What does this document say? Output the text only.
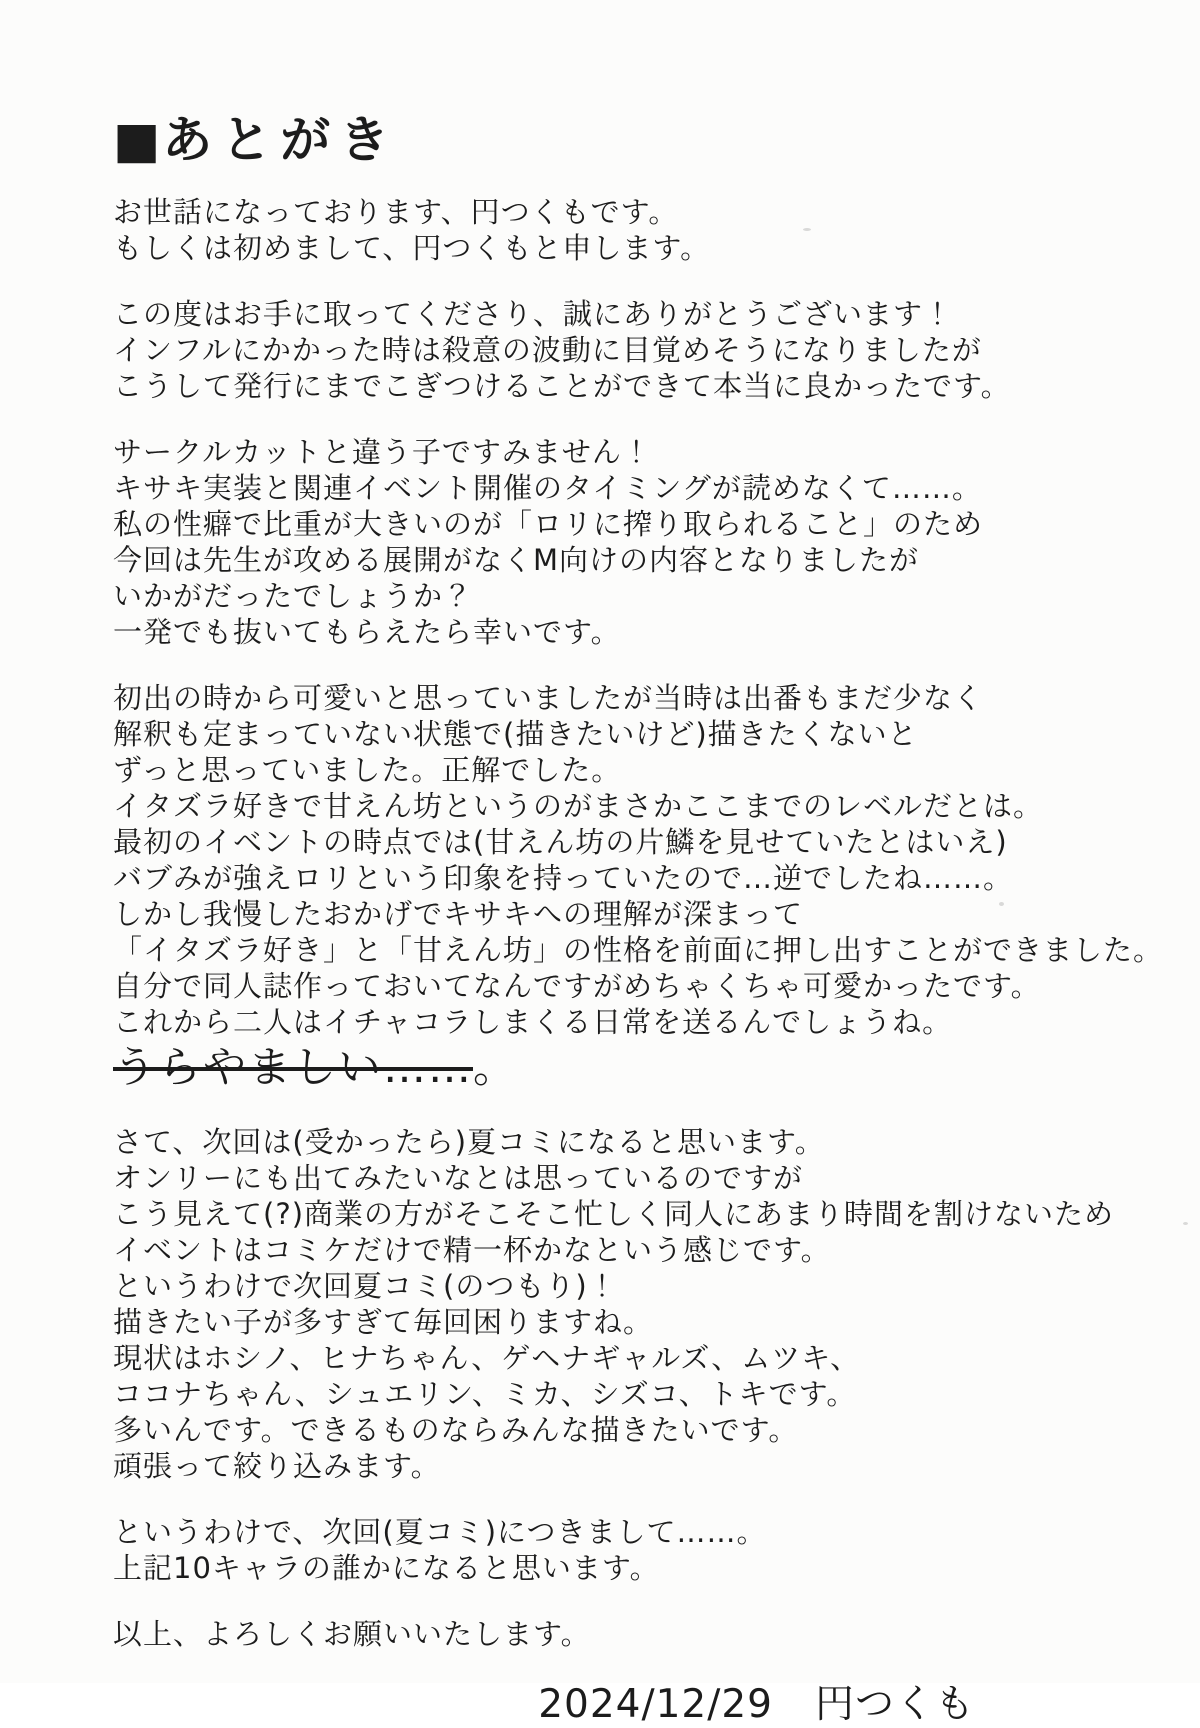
■あとがき
お世話になっております、円つくもです。
もしくは初めまして、円つくもと申します。
この度はお手に取ってくださり、誠にありがとうございます！
インフルにかかった時は殺意の波動に目覚めそうになりましたが
こうして発行にまでこぎつけることができて本当に良かったです。
サークルカットと違う子ですみません！
キサキ実装と関連イベント開催のタイミングが読めなくて……。
私の性癖で比重が大きいのが「ロリに搾り取られること」のため
今回は先生が攻める展開がなくM向けの内容となりましたが
いかがだったでしょうか？
一発でも抜いてもらえたら幸いです。
初出の時から可愛いと思っていましたが当時は出番もまだ少なく
解釈も定まっていない状態で(描きたいけど)描きたくないと
ずっと思っていました。正解でした。
イタズラ好きで甘えん坊というのがまさかここまでのレベルだとは。
最初のイベントの時点では(甘えん坊の片鱗を見せていたとはいえ)
バブみが強えロリという印象を持っていたので…逆でしたね……。
しかし我慢したおかげでキサキへの理解が深まって
「イタズラ好き」と「甘えん坊」の性格を前面に押し出すことができました。
自分で同人誌作っておいてなんですがめちゃくちゃ可愛かったです。
これから二人はイチャコラしまくる日常を送るんでしょうね。
うらやましい……。
さて、次回は(受かったら)夏コミになると思います。
オンリーにも出てみたいなとは思っているのですが
こう見えて(?)商業の方がそこそこ忙しく同人にあまり時間を割けないため
イベントはコミケだけで精一杯かなという感じです。
というわけで次回夏コミ(のつもり)！
描きたい子が多すぎて毎回困りますね。
現状はホシノ、ヒナちゃん、ゲヘナギャルズ、ムツキ、
ココナちゃん、シュエリン、ミカ、シズコ、トキです。
多いんです。できるものならみんな描きたいです。
頑張って絞り込みます。
というわけで、次回(夏コミ)につきまして……。
上記10キャラの誰かになると思います。
以上、よろしくお願いいたします。
2024/12/29 円つくも
